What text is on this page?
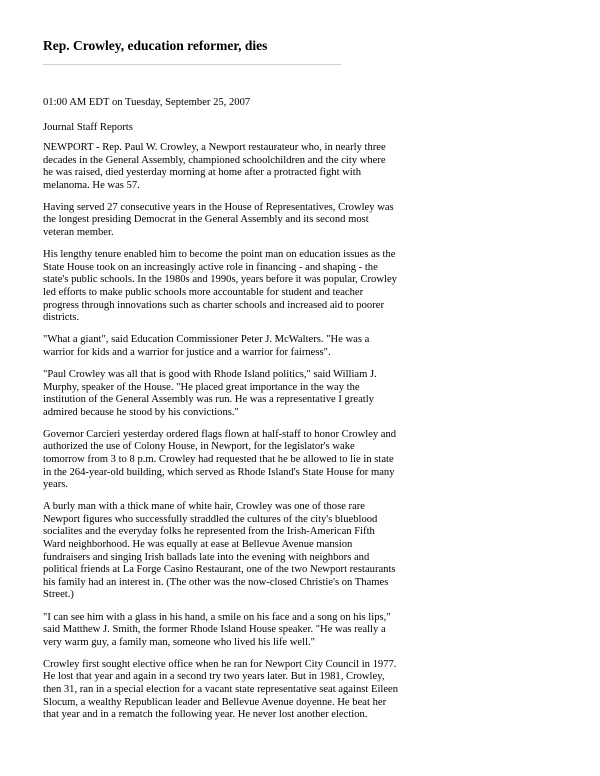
Rep. Crowley, education reformer, dies

01:00 AM EDT on Tuesday, September 25, 2007

Journal Staff Reports

NEWPORT - Rep. Paul W. Crowley, a Newport restaurateur who, in nearly three
decades in the General Assembly, championed schoolchildren and the city where
he was raised, died yesterday morning at home after a protracted fight with
melanoma. He was 57.

Having served 27 consecutive years in the House of Representatives, Crowley was
the longest presiding Democrat in the General Assembly and its second most
veteran member.

His lengthy tenure enabled him to become the point man on education issues as the
State House took on an increasingly active role in financing - and shaping - the
state's public schools. In the 1980s and 1990s, years before it was popular, Crowley
led efforts to make public schools more accountable for student and teacher
progress through innovations such as charter schools and increased aid to poorer
districts.

"What a giant", said Education Commissioner Peter J. McWalters. "He was a
warrior for kids and a warrior for justice and a warrior for fairness".

"Paul Crowley was all that is good with Rhode Island politics," said William J.
Murphy, speaker of the House. "He placed great importance in the way the
institution of the General Assembly was run. He was a representative I greatly
admired because he stood by his convictions."

Governor Carcieri yesterday ordered flags flown at half-staff to honor Crowley and
authorized the use of Colony House, in Newport, for the legislator's wake
tomorrow from 3 to 8 p.m. Crowley had requested that he be allowed to lie in state
in the 264-year-old building, which served as Rhode Island's State House for many
years.

A burly man with a thick mane of white hair, Crowley was one of those rare
Newport figures who successfully straddled the cultures of the city's blueblood
socialites and the everyday folks he represented from the Irish-American Fifth
Ward neighborhood. He was equally at ease at Bellevue Avenue mansion
fundraisers and singing Irish ballads late into the evening with neighbors and
political friends at La Forge Casino Restaurant, one of the two Newport restaurants
his family had an interest in. (The other was the now-closed Christie's on Thames
Street.)

"I can see him with a glass in his hand, a smile on his face and a song on his lips,"
said Matthew J. Smith, the former Rhode Island House speaker. "He was really a
very warm guy, a family man, someone who lived his life well."

Crowley first sought elective office when he ran for Newport City Council in 1977.
He lost that year and again in a second try two years later. But in 1981, Crowley,
then 31, ran in a special election for a vacant state representative seat against Eileen
Slocum, a wealthy Republican leader and Bellevue Avenue doyenne. He beat her
that year and in a rematch the following year. He never lost another election.
